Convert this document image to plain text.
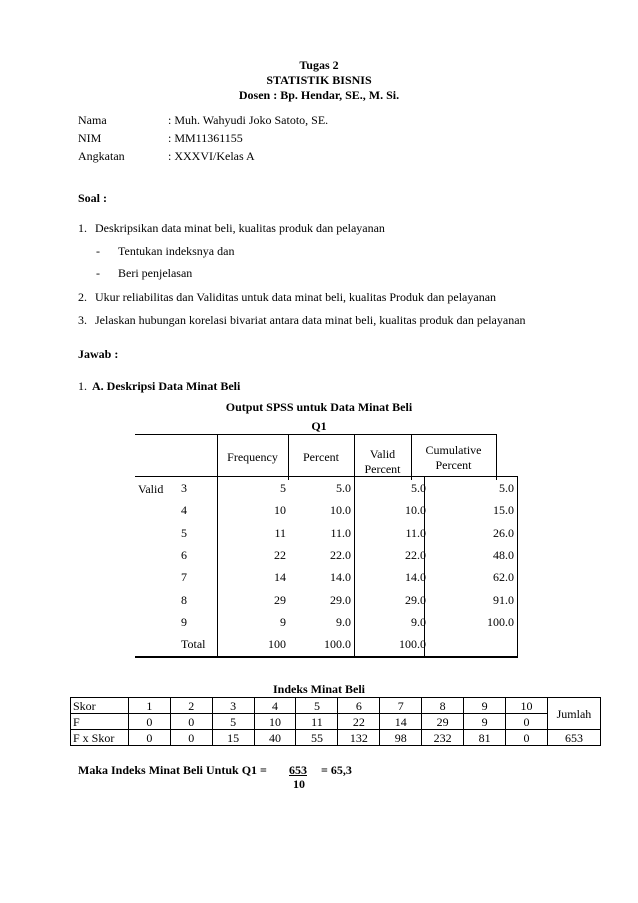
Tugas 2
STATISTIK BISNIS
Dosen : Bp. Hendar, SE., M. Si.
Nama	: Muh. Wahyudi Joko Satoto, SE.
NIM	: MM11361155
Angkatan	: XXXVI/Kelas A
Soal :
1. Deskripsikan data minat beli, kualitas produk dan pelayanan
- Tentukan indeksnya dan
- Beri penjelasan
2. Ukur reliabilitas dan Validitas untuk data minat beli, kualitas Produk dan pelayanan
3. Jelaskan hubungan korelasi bivariat antara data minat beli, kualitas produk dan pelayanan
Jawab :
1. A. Deskripsi Data Minat Beli
Output SPSS untuk Data Minat Beli
Q1

Frequency	Percent	Valid Percent	Cumulative Percent
Valid 3	5	5.0	5.0	5.0
4	10	10.0	10.0	15.0
5	11	11.0	11.0	26.0
6	22	22.0	22.0	48.0
7	14	14.0	14.0	62.0
8	29	29.0	29.0	91.0
9	9	9.0	9.0	100.0
Total	100	100.0	100.0
Indeks Minat Beli
Skor	1	2	3	4	5	6	7	8	9	10	Jumlah
F	0	0	5	10	11	22	14	29	9	0	
F x Skor	0	0	15	40	55	132	98	232	81	0	653
Maka Indeks Minat Beli Untuk Q1 = 653 = 65,3
10
